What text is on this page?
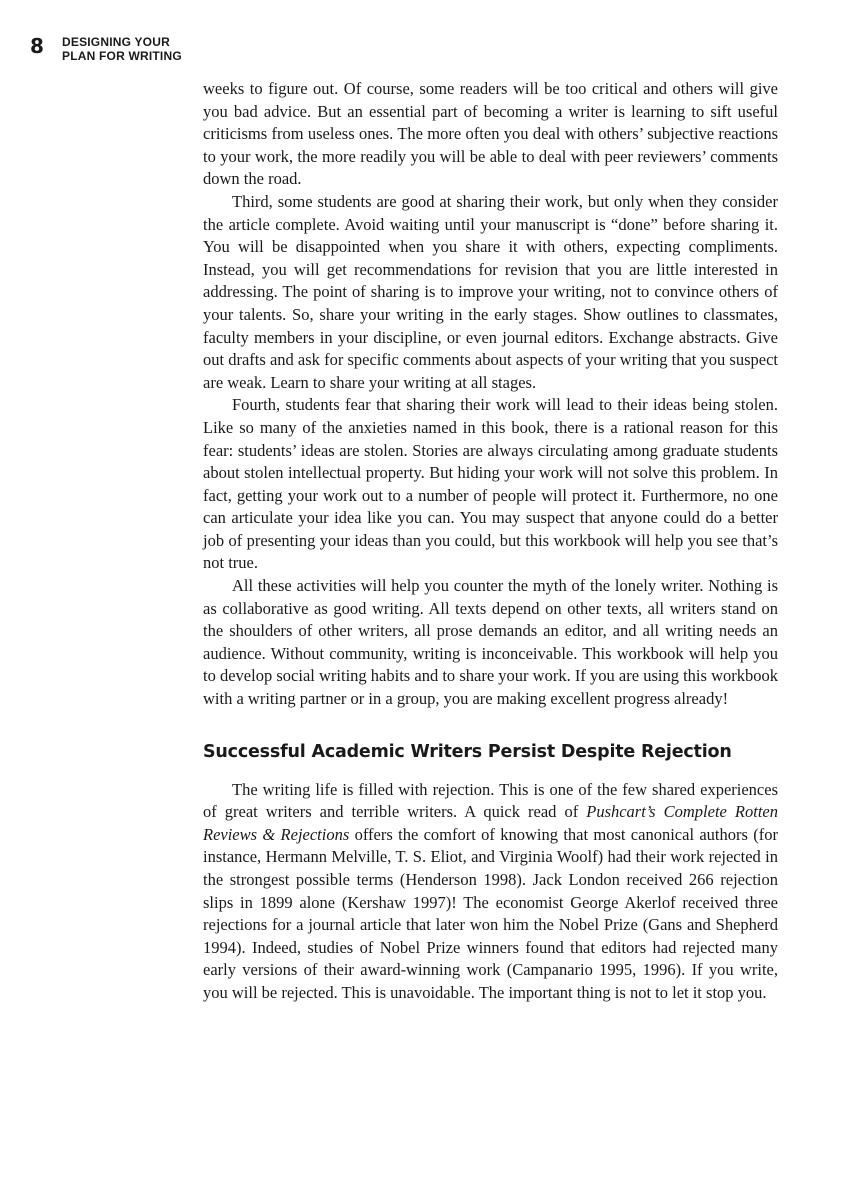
8 DESIGNING YOUR
PLAN FOR WRITING

weeks to figure out. Of course, some readers will be too critical and others will give you bad advice. But an essential part of becoming a writer is learning to sift useful criticisms from useless ones. The more often you deal with others’ subjective reactions to your work, the more readily you will be able to deal with peer reviewers’ comments down the road.

Third, some students are good at sharing their work, but only when they consider the article complete. Avoid waiting until your manuscript is “done” before sharing it. You will be disappointed when you share it with others, expecting compliments. Instead, you will get recommendations for revision that you are little interested in addressing. The point of sharing is to improve your writing, not to convince others of your talents. So, share your writing in the early stages. Show outlines to classmates, faculty members in your discipline, or even journal editors. Exchange abstracts. Give out drafts and ask for specific comments about aspects of your writing that you suspect are weak. Learn to share your writing at all stages.

Fourth, students fear that sharing their work will lead to their ideas being stolen. Like so many of the anxieties named in this book, there is a rational reason for this fear: students’ ideas are stolen. Stories are always circulating among graduate students about stolen intellectual property. But hiding your work will not solve this problem. In fact, getting your work out to a number of people will protect it. Furthermore, no one can articulate your idea like you can. You may suspect that anyone could do a better job of presenting your ideas than you could, but this workbook will help you see that’s not true.

All these activities will help you counter the myth of the lonely writer. Nothing is as collaborative as good writing. All texts depend on other texts, all writers stand on the shoulders of other writers, all prose demands an editor, and all writing needs an audience. Without community, writing is inconceivable. This workbook will help you to develop social writing habits and to share your work. If you are using this workbook with a writing partner or in a group, you are making excellent progress already!

Successful Academic Writers Persist Despite Rejection

The writing life is filled with rejection. This is one of the few shared experiences of great writers and terrible writers. A quick read of Pushcart’s Complete Rotten Reviews & Rejections offers the comfort of knowing that most canonical authors (for instance, Hermann Melville, T. S. Eliot, and Virginia Woolf) had their work rejected in the strongest possible terms (Henderson 1998). Jack London received 266 rejection slips in 1899 alone (Kershaw 1997)! The economist George Akerlof received three rejections for a journal article that later won him the Nobel Prize (Gans and Shepherd 1994). Indeed, studies of Nobel Prize winners found that editors had rejected many early versions of their award-winning work (Campanario 1995, 1996). If you write, you will be rejected. This is unavoidable. The important thing is not to let it stop you.
